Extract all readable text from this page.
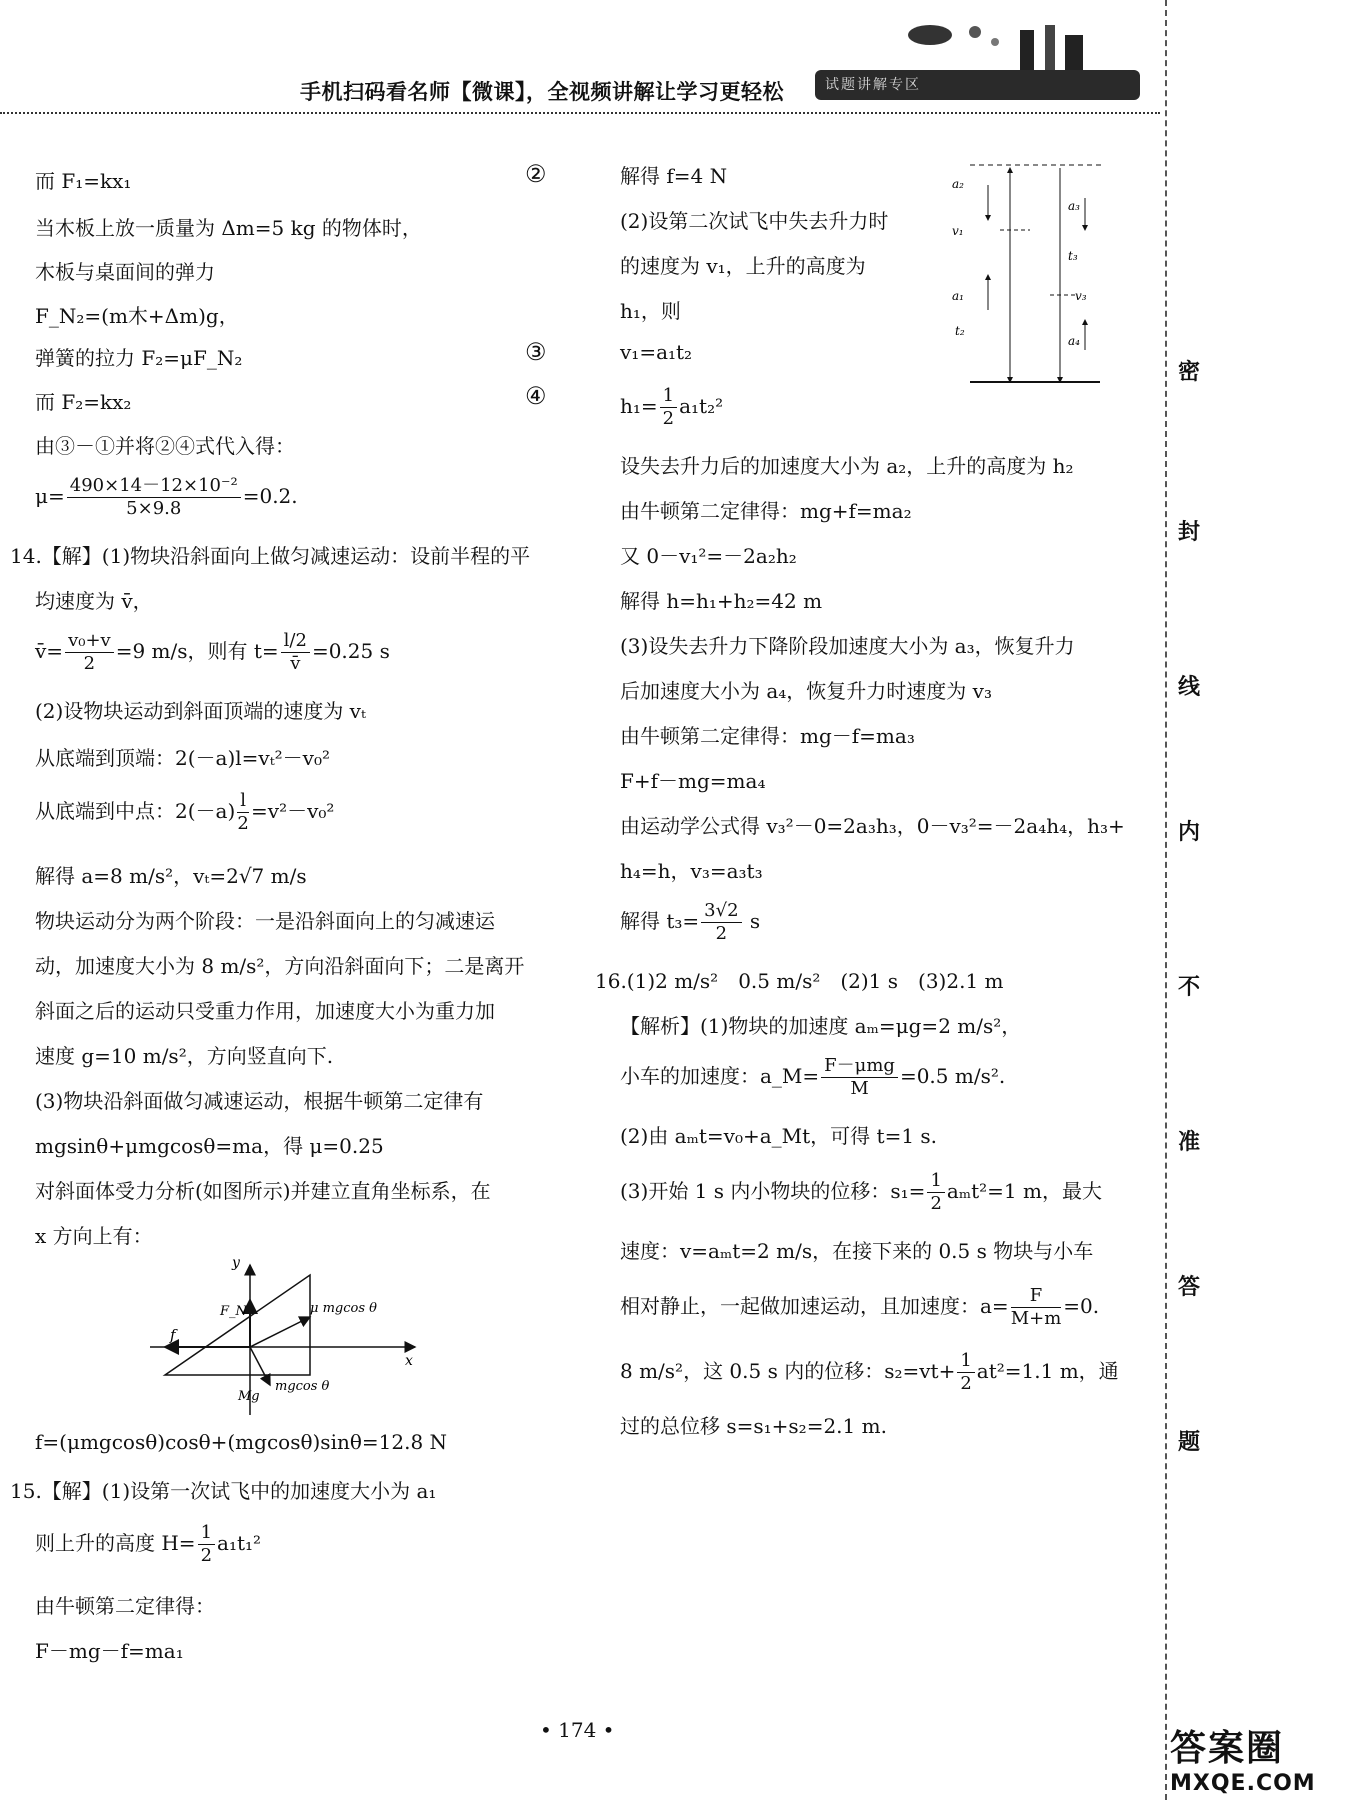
手机扫码看名师【微课】，全视频讲解让学习更轻松	试题讲解专区
而 F₁=kx₁	②
当木板上放一质量为 Δm=5 kg 的物体时，
木板与桌面间的弹力
F_N₂=(m木+Δm)g，
弹簧的拉力 F₂=μF_N₂	③
而 F₂=kx₂	④
由③－①并将②④式代入得：
$\mu= \frac{\text{490×14－12×10⁻²}}{5\times 9.8} =0.2$.
14.【解】(1)物块沿斜面向上做匀减速运动：设前半程的平
均速度为 v̄，
v̄= $\frac{\text{v₀+v}}{2} =9$ m/s，则有 $t= \frac{l/2}{v̄} =0.25$ s
(2)设物块运动到斜面顶端的速度为 vₜ
从底端到顶端：2(－a)l=vₜ²－v₀²
从底端到中点：$2(-a) \frac{l}{2} =v^2-v_0^2$
解得 a=8 m/s²，vₜ=2√7 m/s
物块运动分为两个阶段：一是沿斜面向上的匀减速运
动，加速度大小为 8 m/s²，方向沿斜面向下；二是离开
斜面之后的运动只受重力作用，加速度大小为重力加
速度 g=10 m/s²，方向竖直向下.
(3)物块沿斜面做匀减速运动，根据牛顿第二定律有
mgsinθ+μmgcosθ=ma，得 μ=0.25
对斜面体受力分析(如图所示)并建立直角坐标系，在
x 方向上有：
y
x
f
F_N
Mg
μ mgcos θ
mgcos θ
f=(μmgcosθ)cosθ+(mgcosθ)sinθ=12.8 N
15.【解】(1)设第一次试飞中的加速度大小为 a₁
则上升的高度 $H= \frac{1}{2} a_1t_1^2$
由牛顿第二定律得：
F－mg－f=ma₁
解得 f=4 N
(2)设第二次试飞中失去升力时
的速度为 v₁，上升的高度为
h₁，则
v₁=a₁t₂
$h_1= \frac{1}{2} a_1t_2^2$
a₂
v₁
a₁
t₂
a₃
t₃
v₃
a₄
设失去升力后的加速度大小为 a₂，上升的高度为 h₂
由牛顿第二定律得：mg+f=ma₂
又 0－v₁²=－2a₂h₂
解得 h=h₁+h₂=42 m
(3)设失去升力下降阶段加速度大小为 a₃，恢复升力
后加速度大小为 a₄，恢复升力时速度为 v₃
由牛顿第二定律得：mg－f=ma₃
F+f－mg=ma₄
由运动学公式得 v₃²－0=2a₃h₃，0－v₃²=－2a₄h₄，h₃+
h₄=h，v₃=a₃t₃
解得 $t_3= \frac{3√2}{2}$ s
16.(1)2 m/s²　0.5 m/s²　(2)1 s　(3)2.1 m
【解析】(1)物块的加速度 aₘ=μg=2 m/s²，
小车的加速度：a_M= $\frac{\text{F－μmg}}{M} =0.5$ m/s².
(2)由 aₘt=v₀+a_Mt，可得 t=1 s.
(3)开始 1 s 内小物块的位移：$s_1= \frac{1}{2} a_mt^2=1$ m，最大
速度：v=aₘt=2 m/s，在接下来的 0.5 s 物块与小车
相对静止，一起做加速运动，且加速度：$a= \frac{F}{M+m} =0$.
8 m/s²，这 0.5 s 内的位移：$s_2=vt+ \frac{1}{2} at^2=1.1$ m，通
过的总位移 s=s₁+s₂=2.1 m.
密
封
线
内
不
准
答
题
• 174 •	答案圈
MXQE.COM
